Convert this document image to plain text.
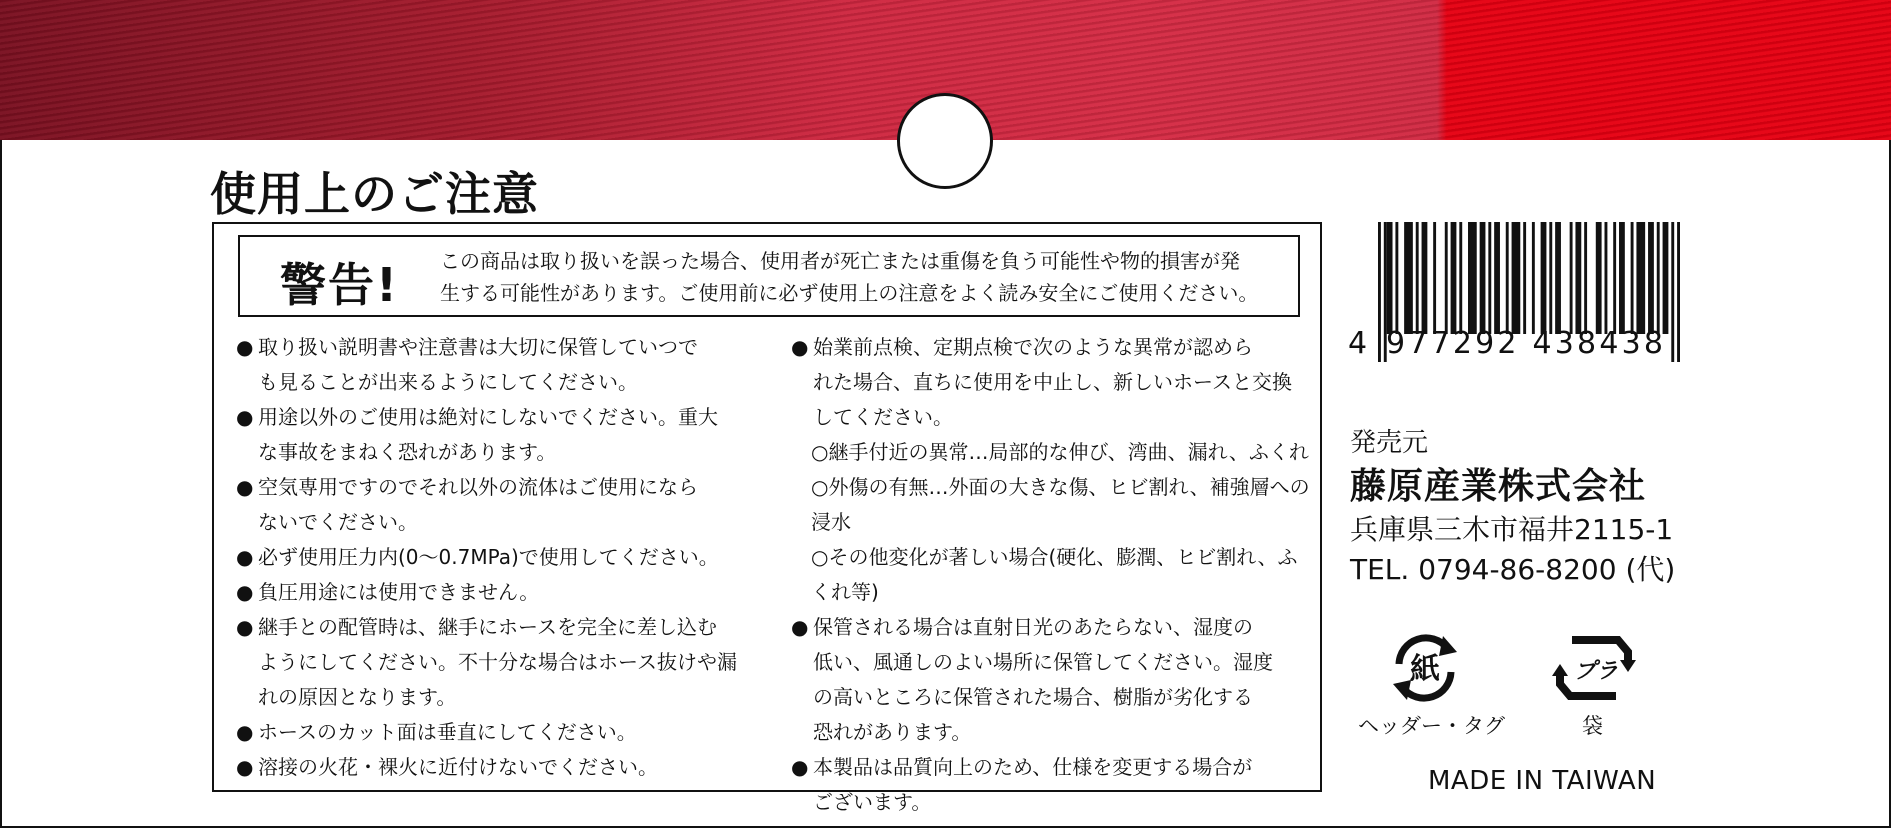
使用上のご注意
警告! この商品は取り扱いを誤った場合、使用者が死亡または重傷を負う可能性や物的損害が発
生する可能性があります。ご使用前に必ず使用上の注意をよく読み安全にご使用ください。
● 取り扱い説明書や注意書は大切に保管していつで
も見ることが出来るようにしてください。
● 用途以外のご使用は絶対にしないでください。重大
な事故をまねく恐れがあります。
● 空気専用ですのでそれ以外の流体はご使用になら
ないでください。
● 必ず使用圧力内(0〜0.7MPa)で使用してください。
● 負圧用途には使用できません。
● 継手との配管時は、継手にホースを完全に差し込む
ようにしてください。不十分な場合はホース抜けや漏
れの原因となります。
● ホースのカット面は垂直にしてください。
● 溶接の火花・裸火に近付けないでください。
● 始業前点検、定期点検で次のような異常が認めら
れた場合、直ちに使用を中止し、新しいホースと交換
してください。
○継手付近の異常…局部的な伸び、湾曲、漏れ、ふくれ
○外傷の有無…外面の大きな傷、ヒビ割れ、補強層への浸水
○その他変化が著しい場合(硬化、膨潤、ヒビ割れ、ふくれ等)
● 保管される場合は直射日光のあたらない、湿度の
低い、風通しのよい場所に保管してください。湿度
の高いところに保管された場合、樹脂が劣化する
恐れがあります。
● 本製品は品質向上のため、仕様を変更する場合が
ございます。
4 977292 438438
発売元
藤原産業株式会社
兵庫県三木市福井2115-1
TEL. 0794-86-8200 (代)
紙
ヘッダー・タグ
プラ
袋
MADE IN TAIWAN
